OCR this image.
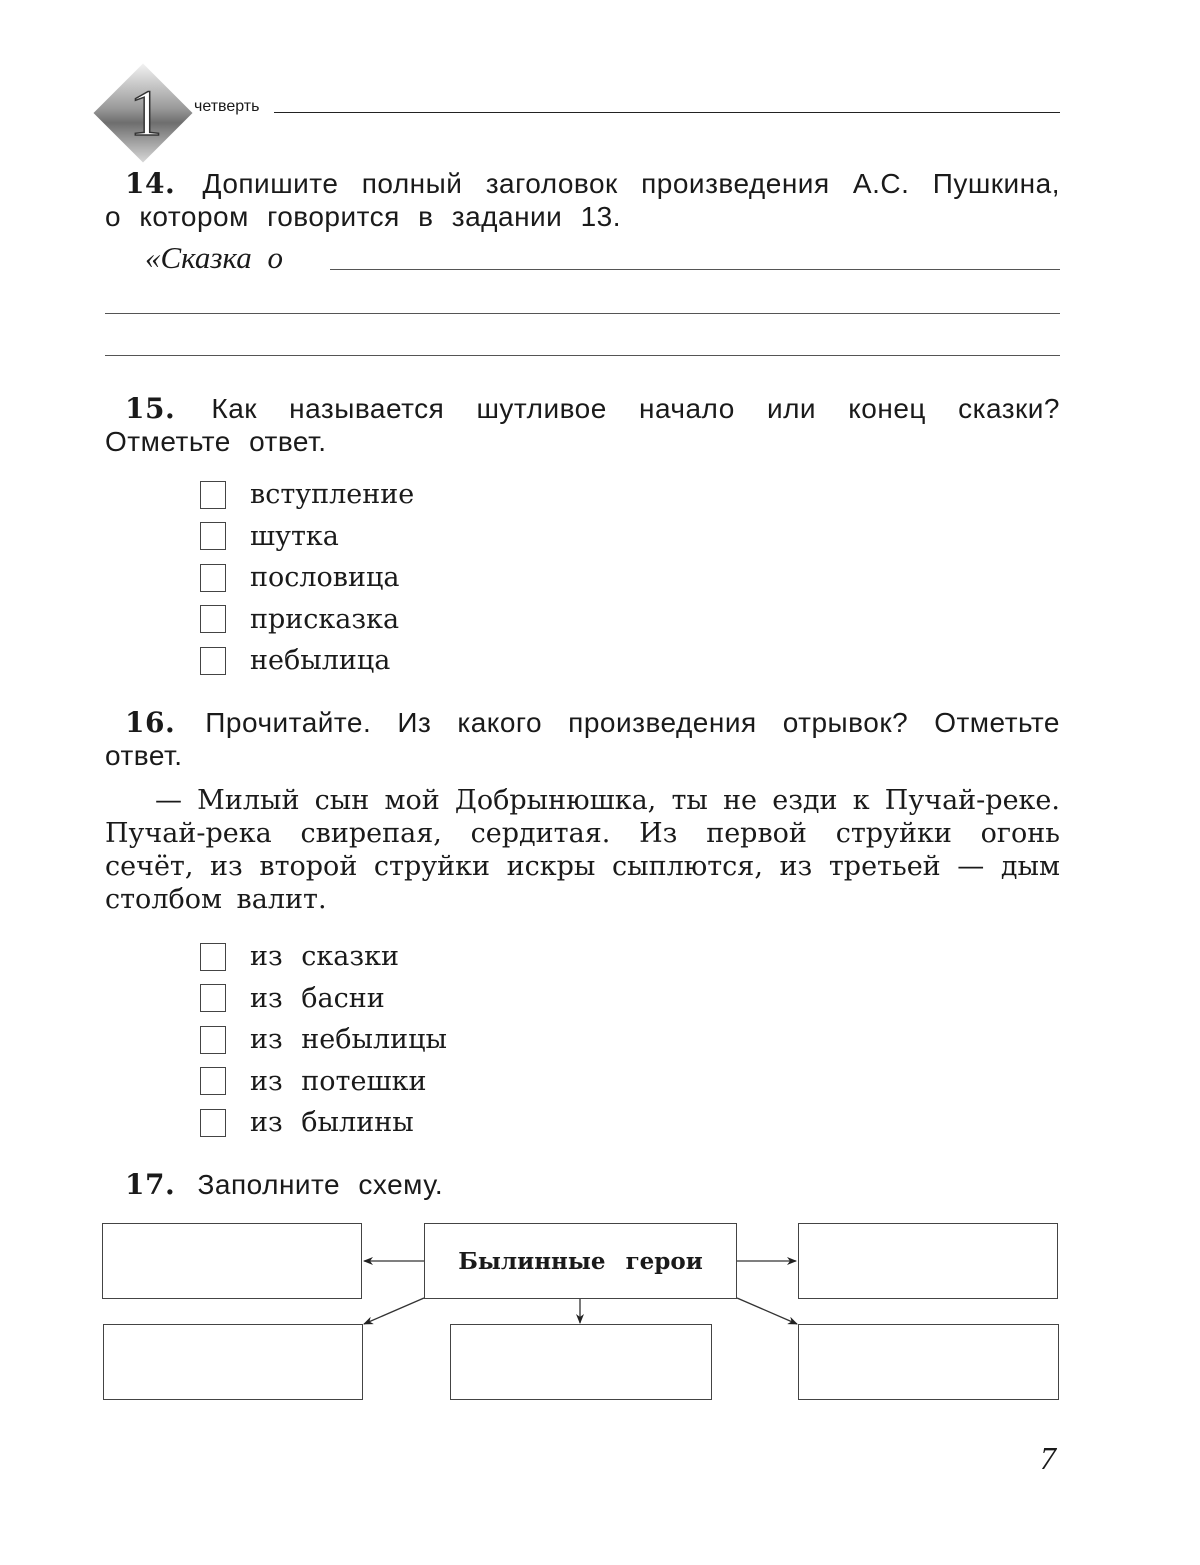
1	четверть
14. Допишите полный заголовок произведения А.С. Пушкина, о котором говорится в задании 13.
«Сказка о
15. Как называется шутливое начало или конец сказки? Отметьте ответ.
вступление
шутка
пословица
присказка
небылица
16. Прочитайте. Из какого произведения отрывок? Отметьте ответ.
— Милый сын мой Добрынюшка, ты не езди к Пучай-реке. Пучай-река свирепая, сердитая. Из первой струйки огонь сечёт, из второй струйки искры сыплются, из третьей — дым столбом валит.
из сказки
из басни
из небылицы
из потешки
из былины
17. Заполните схему.
Былинные герои
7
